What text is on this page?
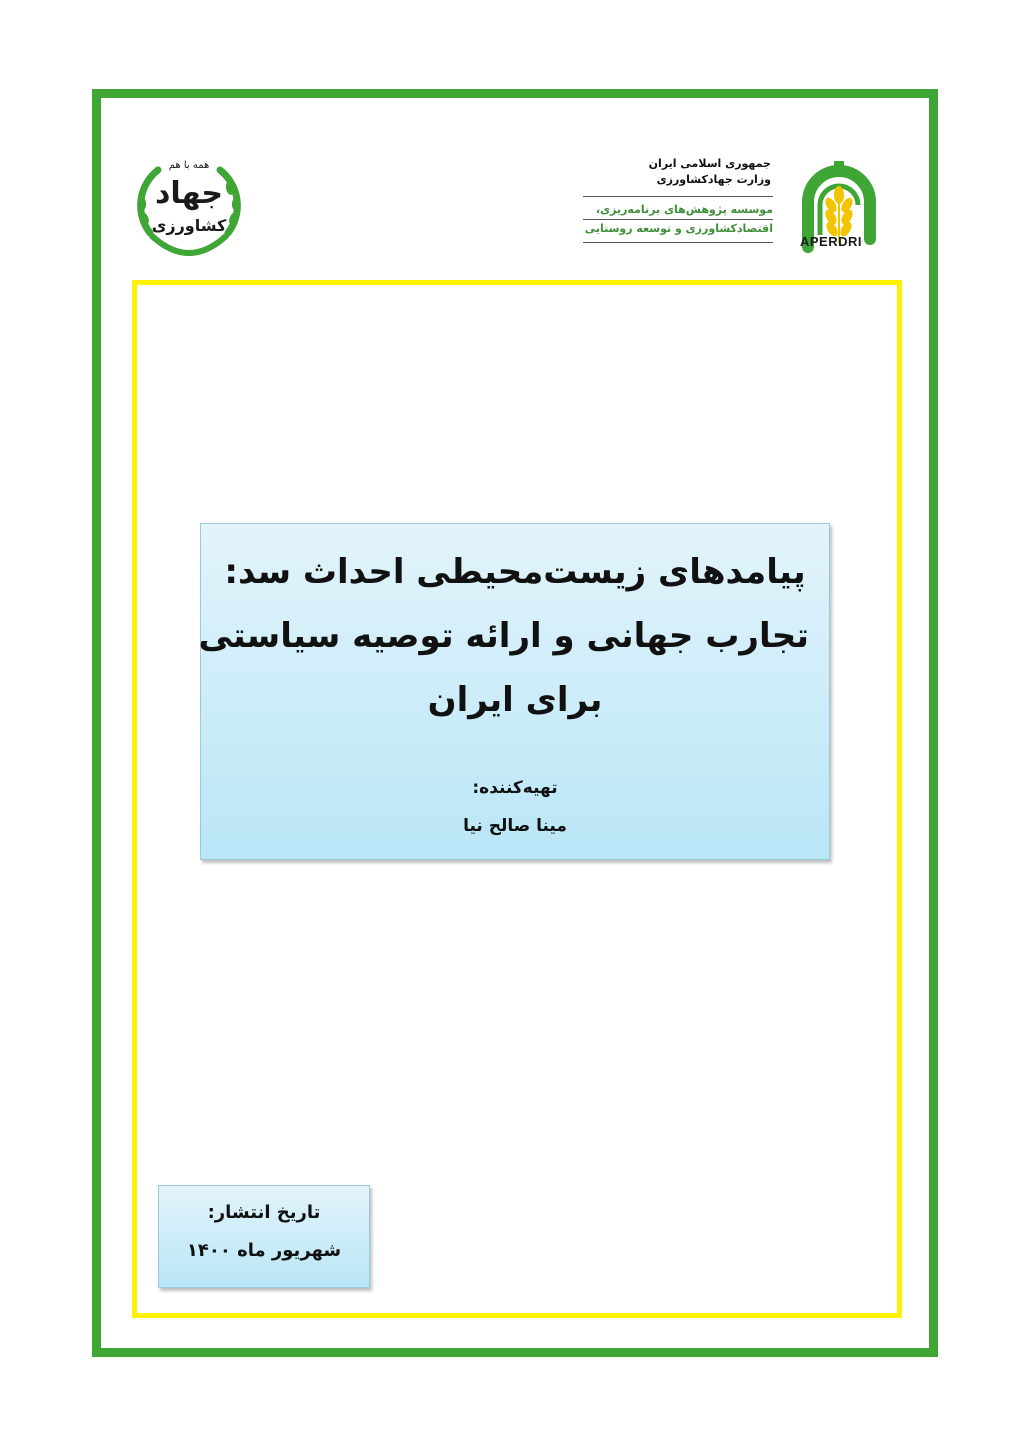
همه با هم
جهاد
کشاورزی
جمهوری اسلامی ایران
وزارت جهادکشاورزی
موسسه پژوهش‌های برنامه‌ریزی،
اقتصادکشاورزی و توسعه روستایی
APERDRI
پیامدهای زیست‌محیطی احداث سد:
تجارب جهانی و ارائه توصیه سیاستی
برای ایران
تهیه‌کننده:
مینا صالح نیا
تاریخ انتشار:
شهریور ماه ۱۴۰۰
